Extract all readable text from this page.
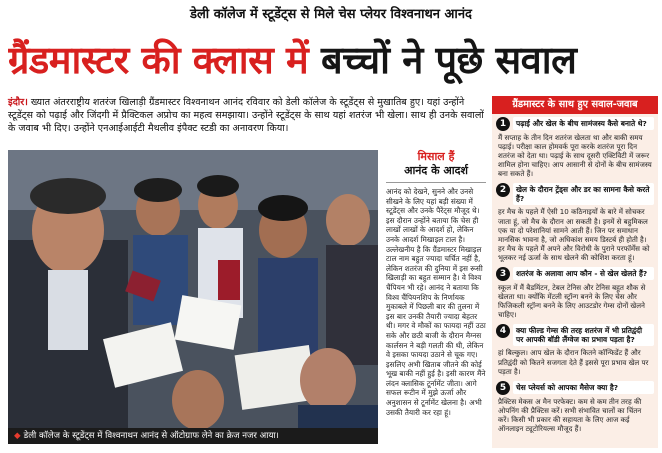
डेली कॉलेज में स्टूडेंट्स से मिले चेस प्लेयर विश्वनाथन आनंद
ग्रैंडमास्टर की क्लास में बच्चों ने पूछे सवाल
इंदौर। ख्यात अंतरराष्ट्रीय शतरंज खिलाड़ी ग्रैंडमास्टर विश्वनाथन आनंद रविवार को डेली कॉलेज के स्टूडेंट्स से मुखातिब हुए। यहां उन्होंने स्टूडेंट्स को पढ़ाई और जिंदगी में प्रैक्टिकल अप्रोच का महत्व समझाया। उन्होंने स्टूडेंट्स के साथ यहां शतरंज भी खेला। साथ ही उनके सवालों के जवाब भी दिए। उन्होंने एनआईआईटी मैथलीव इंपैक्ट स्टडी का अनावरण किया।
◆ डेली कॉलेज के स्टूडेंट्स में विश्वनाथन आनंद से ऑटोग्राफ लेने का क्रेज नजर आया।
मिसाल हैं
आनंद के आदर्श
आनंद को देखने, सुनने और उनसे सीखने के लिए यहां बड़ी संख्या में स्टूडेंट्स और उनके पैरेंट्स मौजूद थे। इस दौरान उन्होंने बताया कि चेस ही लाखों लाखों के आदर्श हो, लेकिन उनके आदर्श मिखाइल टाल है। उल्लेखनीय है कि ग्रैंडमास्टर मिखाइल टाल नाम बहुत ज्यादा चर्चित नहीं है, लेकिन शतरंज की दुनिया में इस रूसी खिलाड़ी का बहुत सम्मान है। वे विश्व चैंपियन भी रहे। आनंद ने बताया कि विश्व चैंपियनशिप के निर्णायक मुकाबले में पिछली बार की तुलना में इस बार उनकी तैयारी ज्यादा बेहतर थी। मगर वे मौकों का फायदा नहीं उठा सके और छठी बाजी के दौरान मैग्नस कार्लसन ने बड़ी गलती की थी, लेकिन वे इसका फायदा उठाने से चूक गए। इसलिए अभी खिताब जीतने की कोई भूख बाकी नहीं हुई है। इसी कारण मैंने लंदन क्लासिक टूर्नामेंट जीता। आगे सफल रूटीन में मुझे ऊर्जा और अनुशासन से टूर्नामेंट खेलना है। अभी उसकी तैयारी कर रहा हूं।
ग्रैंडमास्टर के साथ हुए सवाल-जवाब
1	पढ़ाई और खेल के बीच सामंजस्य कैसे बनाते थे?
मैं सप्ताह के तीन दिन शतरंज खेलता था और बाकी समय पढ़ाई। परीक्षा काल होमवर्क पूरा करके शतरंज पूरा दिन शतरंज को देता था। पढ़ाई के साथ दूसरी एक्टिविटी में जरूर शामिल होना चाहिए। आप आसानी से दोनों के बीच सामंजस्य बना सकते हैं।
2	खेल के दौरान ट्रेंड्स और डर का सामना कैसे करते हैं?
हर मैच के पहले मैं ऐसी 10 कठिनाइयों के बारे में सोचकर जाता हूं, जो मैच के दौरान आ सकती है। इनमें से बहुमिकल एक या दो परेशानियां सामने आती हैं। जिन पर समाधान मानसिक भावना है, जो अधिकांश समय डिस्टर्ब ही होती है। हर मैच के पहले मैं अपने और विरोधी के पुराने परफॉर्मेंस को भूलकर नई ऊर्जा के साथ खेलने की कोशिश करता हूं।
3	शतरंज के अलावा आप कौन - से खेल खेलते हैं?
स्कूल में मैं बैडमिंटन, टेबल टेनिस और टेनिस बहुत शौक से खेलता था। क्योंकि मेंटली स्ट्रॉन्ग बनने के लिए चेस और फिजिकली स्ट्रॉन्ग बनने के लिए आउटडोर गेम्स दोनों खेलने चाहिए।
4	क्या फील्ड गेम्स की तरह शतरंज में भी प्रतिद्वंदी पर आपकी बॉडी लैंग्वेज का प्रभाव पड़ता है?
हां बिल्कुल। आप खेल के दौरान कितने कॉन्फिडेंट हैं और प्रतिद्वंदी को कितने सजगता देते हैं इससे पूरा प्रभाव खेल पर पड़ता है।
5	चेस प्लेयर्स को आपका मैसेज क्या है?
प्रैक्टिस मेकस अ मैन परफेक्ट। कम से कम तीन तरह की ओपनिंग की प्रैक्टिस करें। सभी संभावित चालों का चिंतन करें। किसी भी प्रकार की सहायता के लिए आज कई ऑनलाइन ट्यूटोरियल्स मौजूद हैं।
